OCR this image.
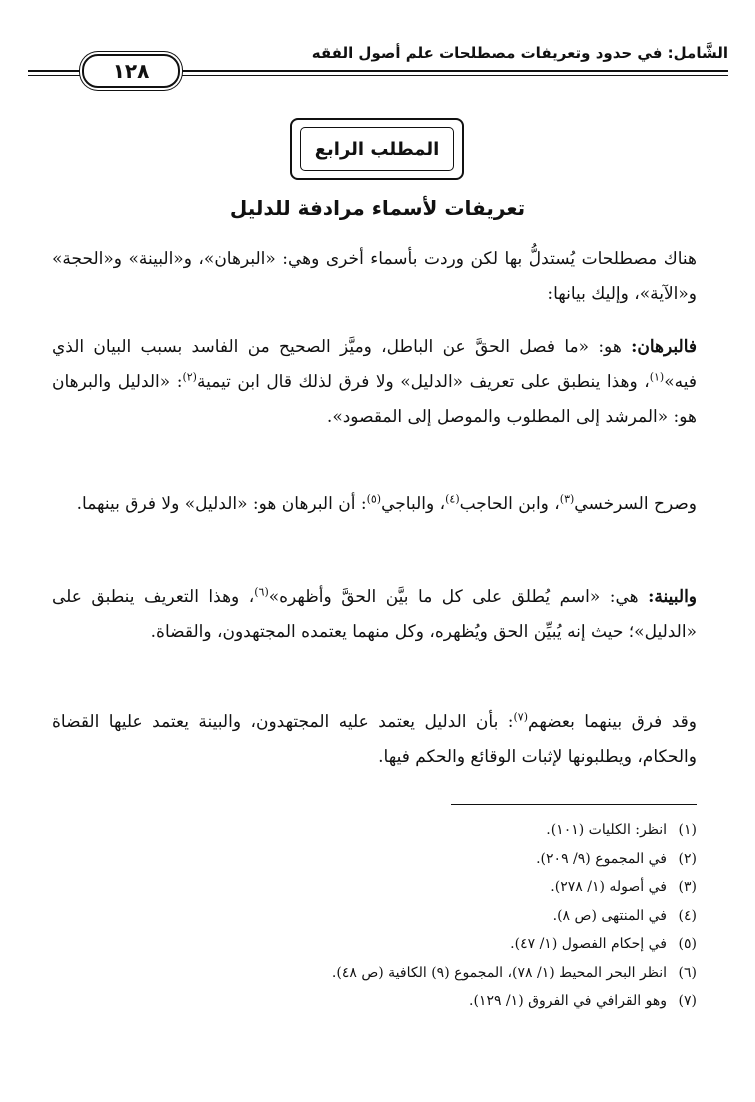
الشَّامل: في حدود وتعريفات مصطلحات علم أصول الفقه
١٢٨
المطلب الرابع
تعريفات لأسماء مرادفة للدليل

هناك مصطلحات يُستدلُّ بها لكن وردت بأسماء أخرى وهي: «البرهان»، و«البينة» و«الحجة» و«الآية»، وإليك بيانها:

فالبرهان: هو: «ما فصل الحقَّ عن الباطل، وميَّز الصحيح من الفاسد بسبب البيان الذي فيه»$^{(١)}$، وهذا ينطبق على تعريف «الدليل» ولا فرق لذلك قال ابن تيمية$^{(٢)}$: «الدليل والبرهان هو: «المرشد إلى المطلوب والموصل إلى المقصود».

وصرح السرخسي$^{(٣)}$، وابن الحاجب$^{(٤)}$، والباجي$^{(٥)}$: أن البرهان هو: «الدليل» ولا فرق بينهما.

والبينة: هي: «اسم يُطلق على كل ما بيَّن الحقَّ وأظهره»$^{(٦)}$، وهذا التعريف ينطبق على «الدليل»؛ حيث إنه يُبيِّن الحق ويُظهره، وكل منهما يعتمده المجتهدون، والقضاة.

وقد فرق بينهما بعضهم$^{(٧)}$: بأن الدليل يعتمد عليه المجتهدون، والبينة يعتمد عليها القضاة والحكام، ويطلبونها لإثبات الوقائع والحكم فيها.

(١)انظر: الكليات (١٠١).
(٢)في المجموع (٩/ ٢٠٩).
(٣)في أصوله (١/ ٢٧٨).
(٤)في المنتهى (ص ٨).
(٥)في إحكام الفصول (١/ ٤٧).
(٦)انظر البحر المحيط (١/ ٧٨)، المجموع (٩) الكافية (ص ٤٨).
(٧)وهو القرافي في الفروق (١/ ١٢٩).
